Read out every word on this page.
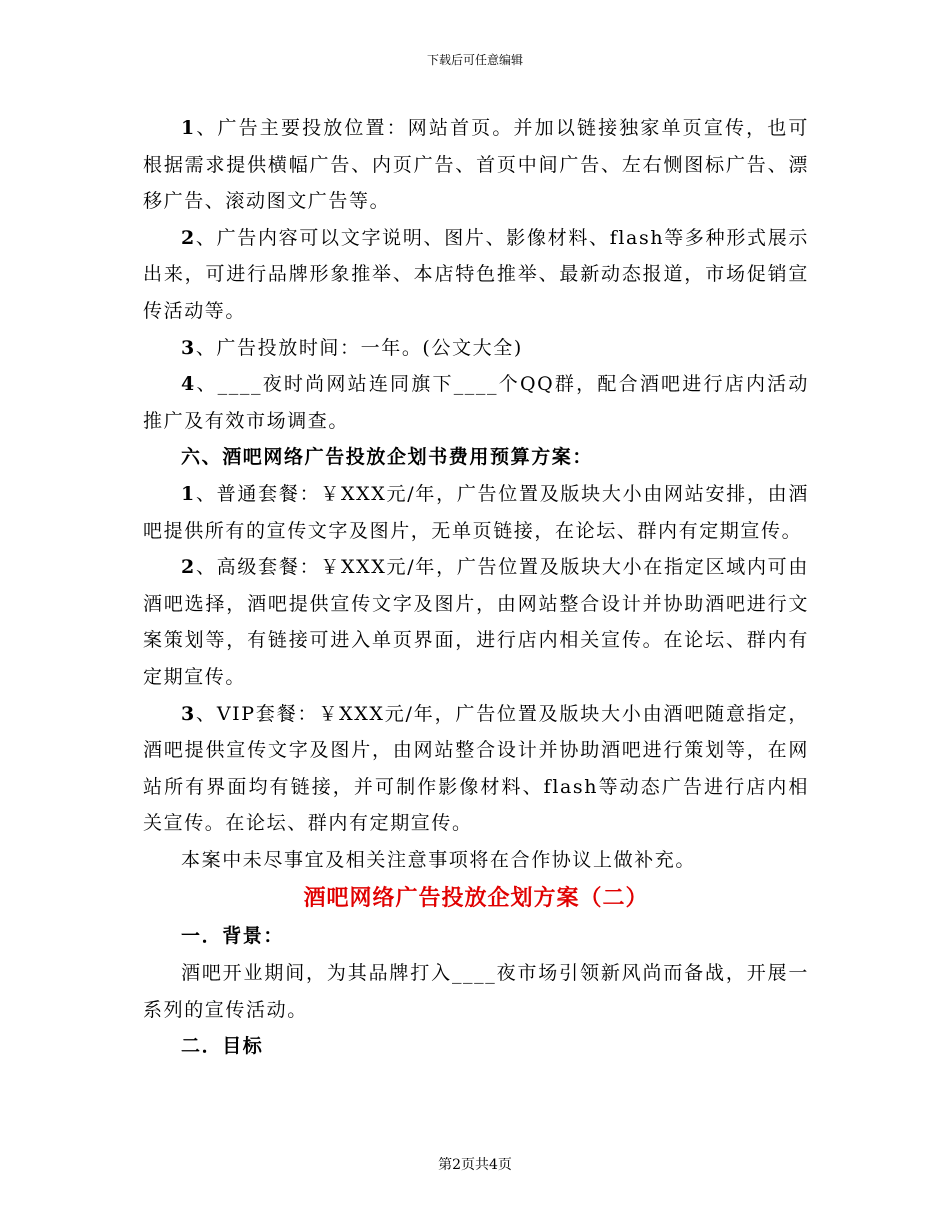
下载后可任意编辑

1、广告主要投放位置：网站首页。并加以链接独家单页宣传，也可根据需求提供横幅广告、内页广告、首页中间广告、左右恻图标广告、漂移广告、滚动图文广告等。

2、广告内容可以文字说明、图片、影像材料、flash等多种形式展示出来，可进行品牌形象推举、本店特色推举、最新动态报道，市场促销宣传活动等。

3、广告投放时间：一年。(公文大全)

4、____夜时尚网站连同旗下____个QQ群，配合酒吧进行店内活动推广及有效市场调查。

六、酒吧网络广告投放企划书费用预算方案：

1、普通套餐：￥XXX元/年，广告位置及版块大小由网站安排，由酒吧提供所有的宣传文字及图片，无单页链接，在论坛、群内有定期宣传。

2、高级套餐：￥XXX元/年，广告位置及版块大小在指定区域内可由酒吧选择，酒吧提供宣传文字及图片，由网站整合设计并协助酒吧进行文案策划等，有链接可进入单页界面，进行店内相关宣传。在论坛、群内有定期宣传。

3、VIP套餐：￥XXX元/年，广告位置及版块大小由酒吧随意指定，酒吧提供宣传文字及图片，由网站整合设计并协助酒吧进行策划等，在网站所有界面均有链接，并可制作影像材料、flash等动态广告进行店内相关宣传。在论坛、群内有定期宣传。

本案中未尽事宜及相关注意事项将在合作协议上做补充。

酒吧网络广告投放企划方案（二）

一．背景：

酒吧开业期间，为其品牌打入____夜市场引领新风尚而备战，开展一系列的宣传活动。

二．目标

第2页共4页
